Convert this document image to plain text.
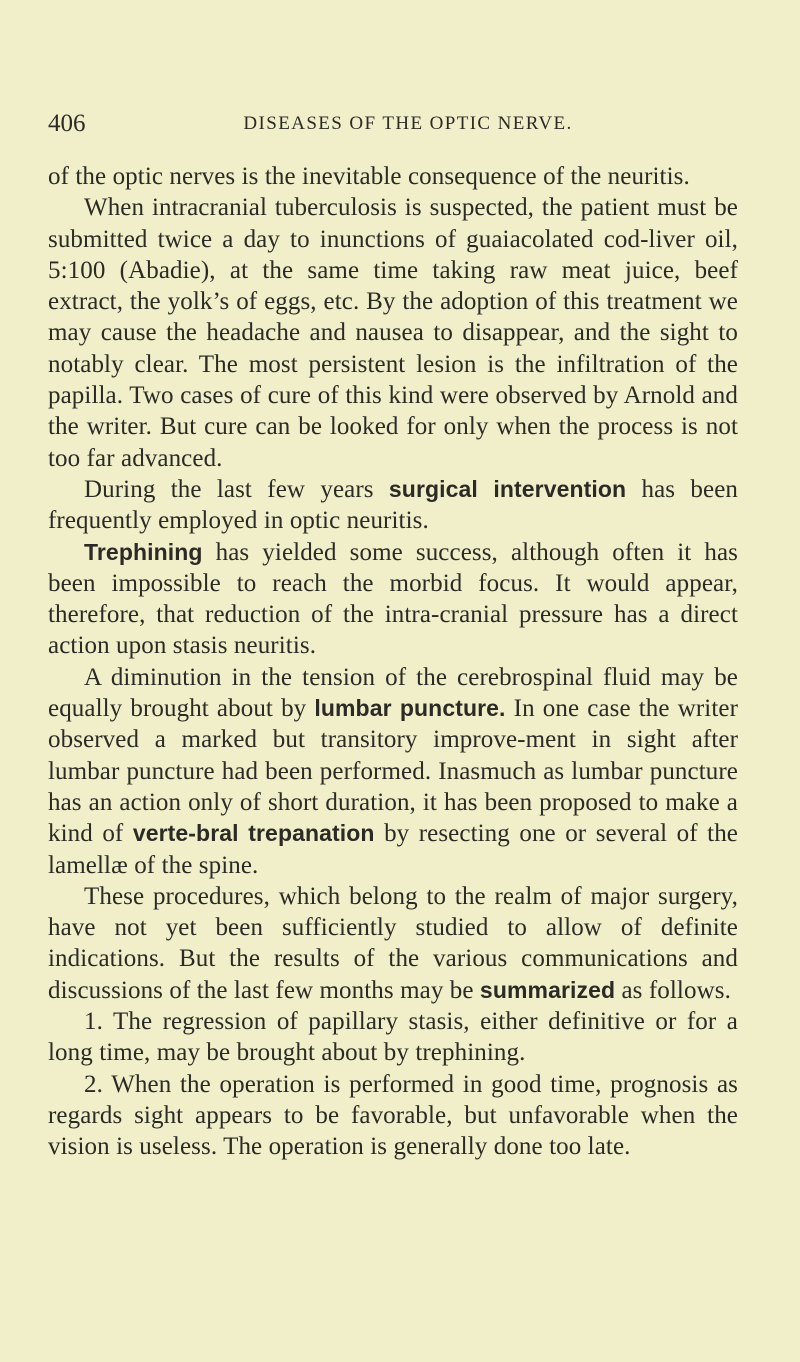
406	DISEASES OF THE OPTIC NERVE.

of the optic nerves is the inevitable consequence of the neuritis.

When intracranial tuberculosis is suspected, the patient must be submitted twice a day to inunctions of guaiacolated cod-liver oil, 5:100 (Abadie), at the same time taking raw meat juice, beef extract, the yolk’s of eggs, etc. By the adoption of this treatment we may cause the headache and nausea to disappear, and the sight to notably clear. The most persistent lesion is the infiltration of the papilla. Two cases of cure of this kind were observed by Arnold and the writer. But cure can be looked for only when the process is not too far advanced.

During the last few years surgical intervention has been frequently employed in optic neuritis.

Trephining has yielded some success, although often it has been impossible to reach the morbid focus. It would appear, therefore, that reduction of the intra-cranial pressure has a direct action upon stasis neuritis.

A diminution in the tension of the cerebrospinal fluid may be equally brought about by lumbar puncture. In one case the writer observed a marked but transitory improve-ment in sight after lumbar puncture had been performed. Inasmuch as lumbar puncture has an action only of short duration, it has been proposed to make a kind of verte-bral trepanation by resecting one or several of the lamellæ of the spine.

These procedures, which belong to the realm of major surgery, have not yet been sufficiently studied to allow of definite indications. But the results of the various communications and discussions of the last few months may be summarized as follows.

1. The regression of papillary stasis, either definitive or for a long time, may be brought about by trephining.

2. When the operation is performed in good time, prognosis as regards sight appears to be favorable, but unfavorable when the vision is useless. The operation is generally done too late.
